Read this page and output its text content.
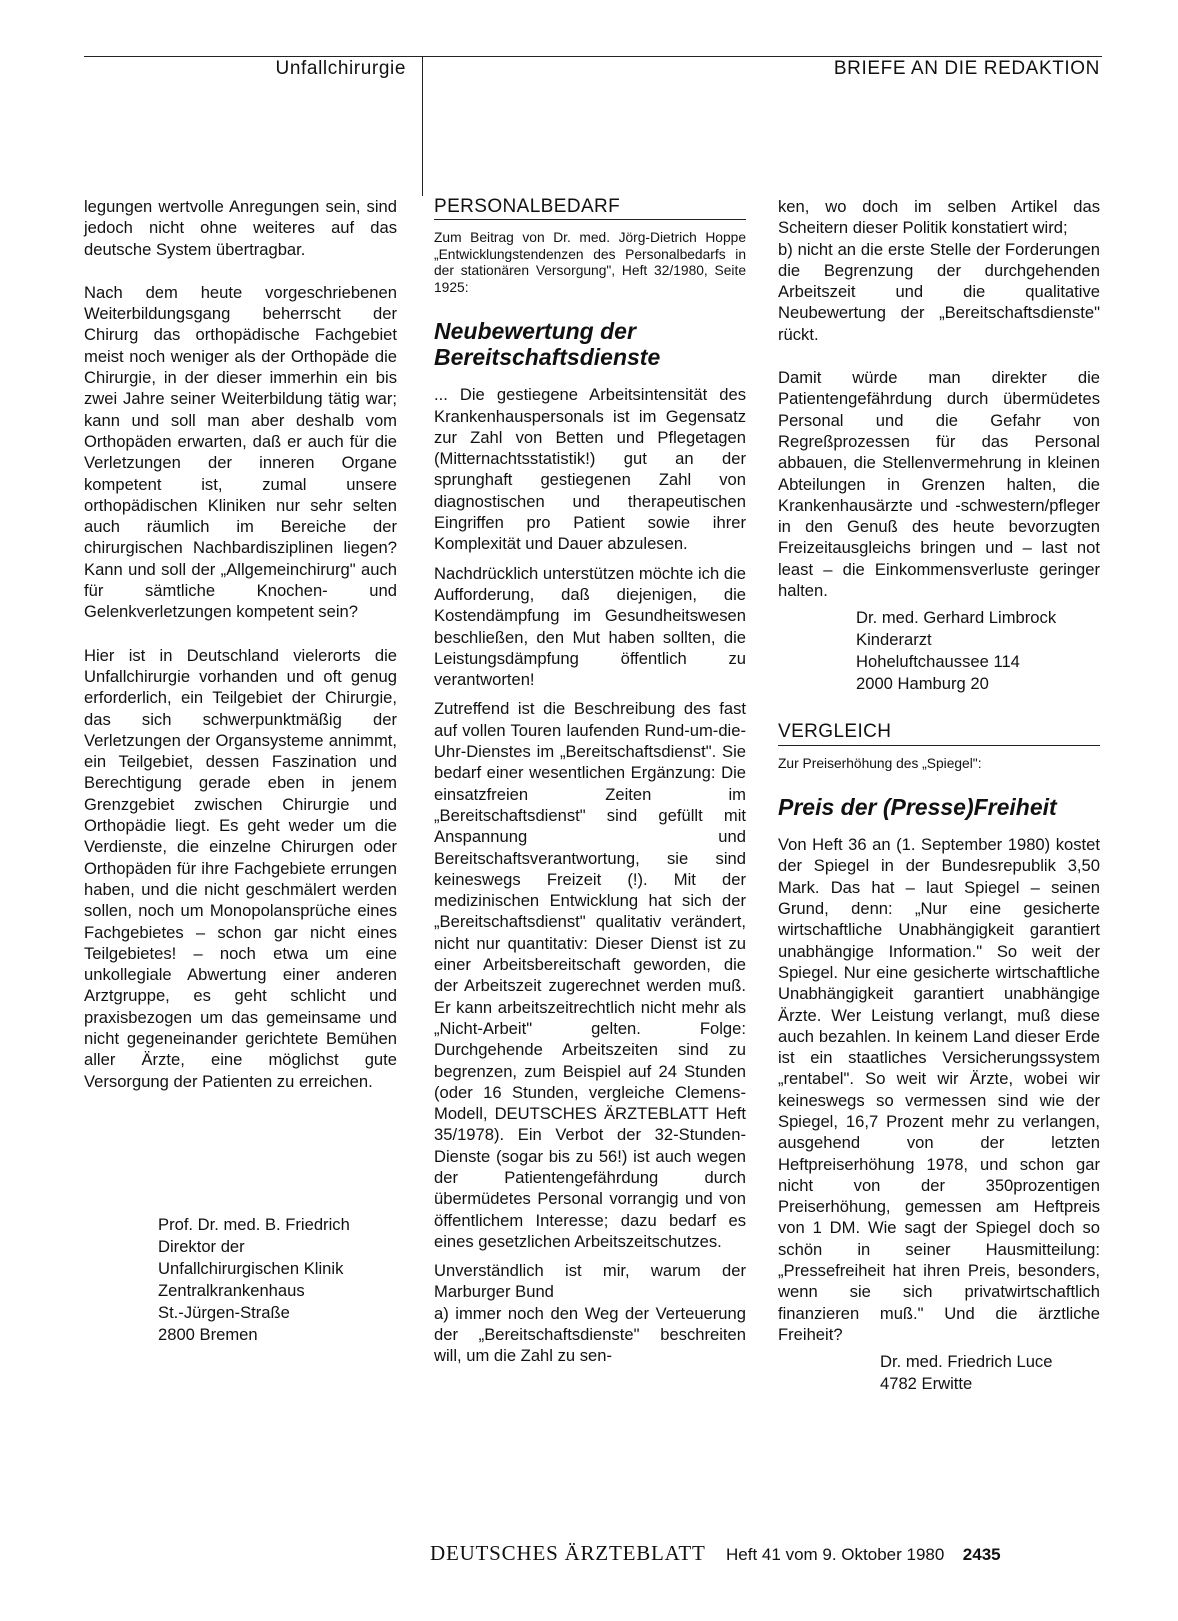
Unfallchirurgie	BRIEFE AN DIE REDAKTION

legungen wertvolle Anregungen sein, sind jedoch nicht ohne weiteres auf das deutsche System übertragbar.

Nach dem heute vorgeschriebenen Weiterbildungsgang beherrscht der Chirurg das orthopädische Fachgebiet meist noch weniger als der Orthopäde die Chirurgie, in der dieser immerhin ein bis zwei Jahre seiner Weiterbildung tätig war; kann und soll man aber deshalb vom Orthopäden erwarten, daß er auch für die Verletzungen der inneren Organe kompetent ist, zumal unsere orthopädischen Kliniken nur sehr selten auch räumlich im Bereiche der chirurgischen Nachbardisziplinen liegen? Kann und soll der „Allgemeinchirurg" auch für sämtliche Knochen- und Gelenkverletzungen kompetent sein?

Hier ist in Deutschland vielerorts die Unfallchirurgie vorhanden und oft genug erforderlich, ein Teilgebiet der Chirurgie, das sich schwerpunktmäßig der Verletzungen der Organsysteme annimmt, ein Teilgebiet, dessen Faszination und Berechtigung gerade eben in jenem Grenzgebiet zwischen Chirurgie und Orthopädie liegt. Es geht weder um die Verdienste, die einzelne Chirurgen oder Orthopäden für ihre Fachgebiete errungen haben, und die nicht geschmälert werden sollen, noch um Monopolansprüche eines Fachgebietes – schon gar nicht eines Teilgebietes! – noch etwa um eine unkollegiale Abwertung einer anderen Arztgruppe, es geht schlicht und praxisbezogen um das gemeinsame und nicht gegeneinander gerichtete Bemühen aller Ärzte, eine möglichst gute Versorgung der Patienten zu erreichen.

Prof. Dr. med. B. Friedrich
Direktor der
Unfallchirurgischen Klinik
Zentralkrankenhaus
St.-Jürgen-Straße
2800 Bremen
PERSONALBEDARF

Zum Beitrag von Dr. med. Jörg-Dietrich Hoppe „Entwicklungstendenzen des Personalbedarfs in der stationären Versorgung", Heft 32/1980, Seite 1925:

Neubewertung der Bereitschaftsdienste

... Die gestiegene Arbeitsintensität des Krankenhauspersonals ist im Gegensatz zur Zahl von Betten und Pflegetagen (Mitternachtsstatistik!) gut an der sprunghaft gestiegenen Zahl von diagnostischen und therapeutischen Eingriffen pro Patient sowie ihrer Komplexität und Dauer abzulesen.

Nachdrücklich unterstützen möchte ich die Aufforderung, daß diejenigen, die Kostendämpfung im Gesundheitswesen beschließen, den Mut haben sollten, die Leistungsdämpfung öffentlich zu verantworten!

Zutreffend ist die Beschreibung des fast auf vollen Touren laufenden Rund-um-die-Uhr-Dienstes im „Bereitschaftsdienst". Sie bedarf einer wesentlichen Ergänzung: Die einsatzfreien Zeiten im „Bereitschaftsdienst" sind gefüllt mit Anspannung und Bereitschaftsverantwortung, sie sind keineswegs Freizeit (!). Mit der medizinischen Entwicklung hat sich der „Bereitschaftsdienst" qualitativ verändert, nicht nur quantitativ: Dieser Dienst ist zu einer Arbeitsbereitschaft geworden, die der Arbeitszeit zugerechnet werden muß. Er kann arbeitszeitrechtlich nicht mehr als „Nicht-Arbeit" gelten. Folge: Durchgehende Arbeitszeiten sind zu begrenzen, zum Beispiel auf 24 Stunden (oder 16 Stunden, vergleiche Clemens-Modell, DEUTSCHES ÄRZTEBLATT Heft 35/1978). Ein Verbot der 32-Stunden-Dienste (sogar bis zu 56!) ist auch wegen der Patientengefährdung durch übermüdetes Personal vorrangig und von öffentlichem Interesse; dazu bedarf es eines gesetzlichen Arbeitszeitschutzes.

Unverständlich ist mir, warum der Marburger Bund

a) immer noch den Weg der Verteuerung der „Bereitschaftsdienste" beschreiten will, um die Zahl zu sen-

ken, wo doch im selben Artikel das Scheitern dieser Politik konstatiert wird;

b) nicht an die erste Stelle der Forderungen die Begrenzung der durchgehenden Arbeitszeit und die qualitative Neubewertung der „Bereitschaftsdienste" rückt.

Damit würde man direkter die Patientengefährdung durch übermüdetes Personal und die Gefahr von Regreßprozessen für das Personal abbauen, die Stellenvermehrung in kleinen Abteilungen in Grenzen halten, die Krankenhausärzte und -schwestern/pfleger in den Genuß des heute bevorzugten Freizeitausgleichs bringen und – last not least – die Einkommensverluste geringer halten.

Dr. med. Gerhard Limbrock
Kinderarzt
Hoheluftchaussee 114
2000 Hamburg 20
VERGLEICH

Zur Preiserhöhung des „Spiegel":

Preis der (Presse)Freiheit

Von Heft 36 an (1. September 1980) kostet der Spiegel in der Bundesrepublik 3,50 Mark. Das hat – laut Spiegel – seinen Grund, denn: „Nur eine gesicherte wirtschaftliche Unabhängigkeit garantiert unabhängige Information." So weit der Spiegel. Nur eine gesicherte wirtschaftliche Unabhängigkeit garantiert unabhängige Ärzte. Wer Leistung verlangt, muß diese auch bezahlen. In keinem Land dieser Erde ist ein staatliches Versicherungssystem „rentabel". So weit wir Ärzte, wobei wir keineswegs so vermessen sind wie der Spiegel, 16,7 Prozent mehr zu verlangen, ausgehend von der letzten Heftpreiserhöhung 1978, und schon gar nicht von der 350prozentigen Preiserhöhung, gemessen am Heftpreis von 1 DM. Wie sagt der Spiegel doch so schön in seiner Hausmitteilung: „Pressefreiheit hat ihren Preis, besonders, wenn sie sich privatwirtschaftlich finanzieren muß." Und die ärztliche Freiheit?

Dr. med. Friedrich Luce
4782 Erwitte
DEUTSCHES ÄRZTEBLATT Heft 41 vom 9. Oktober 1980 2435
